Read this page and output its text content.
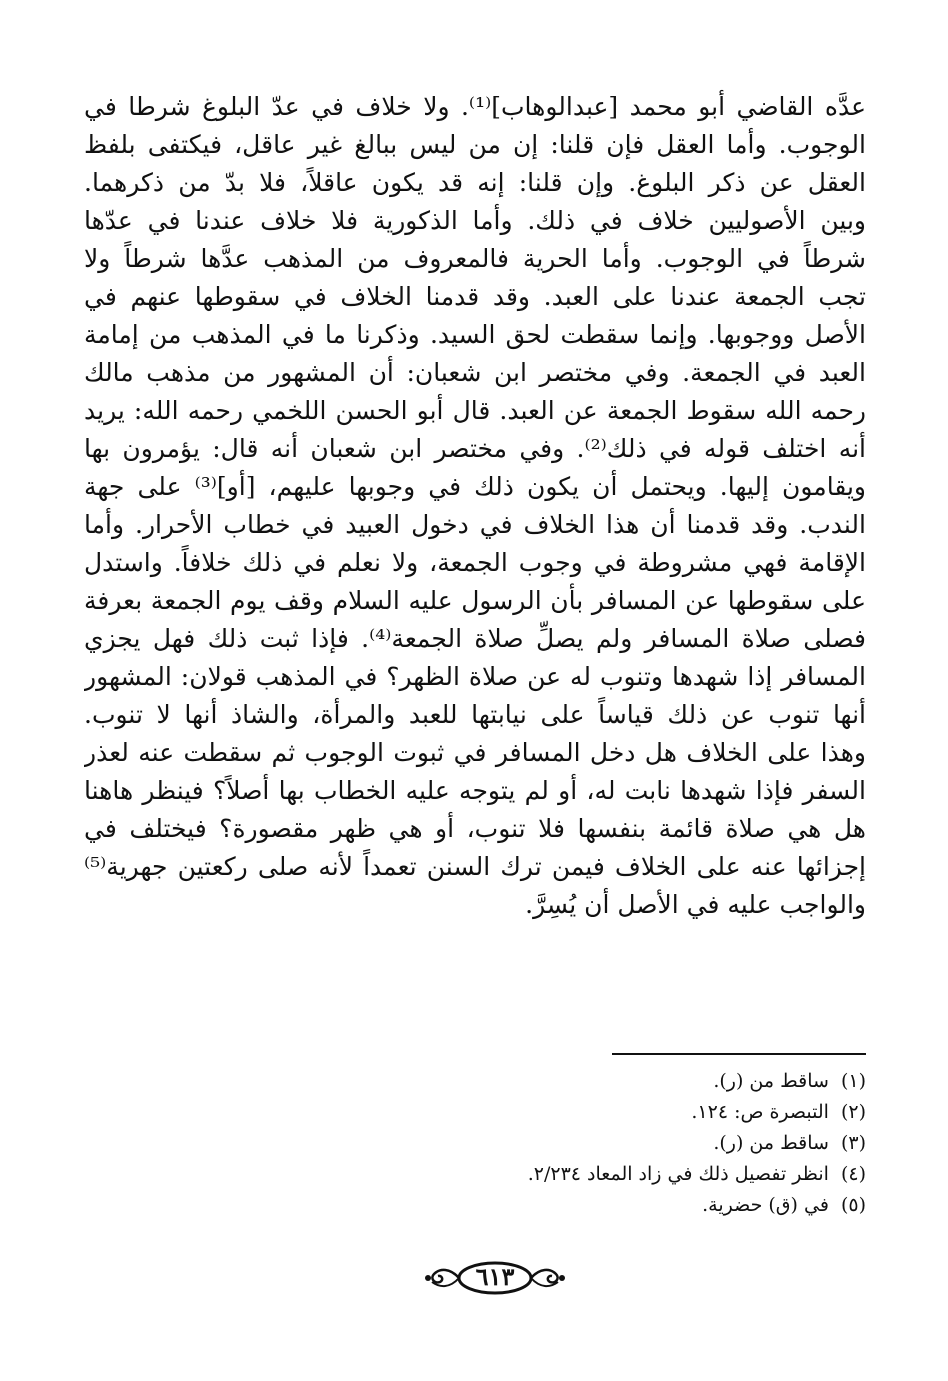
عدَّه القاضي أبو محمد [عبدالوهاب]⁽¹⁾. ولا خلاف في عدّ البلوغ شرطا في
الوجوب. وأما العقل فإن قلنا: إن من ليس ببالغ غير عاقل، فيكتفى بلفظ
العقل عن ذكر البلوغ. وإن قلنا: إنه قد يكون عاقلاً، فلا بدّ من ذكرهما.
وبين الأصوليين خلاف في ذلك. وأما الذكورية فلا خلاف عندنا في عدّها
شرطاً في الوجوب. وأما الحرية فالمعروف من المذهب عدَّها شرطاً ولا
تجب الجمعة عندنا على العبد. وقد قدمنا الخلاف في سقوطها عنهم في
الأصل ووجوبها. وإنما سقطت لحق السيد. وذكرنا ما في المذهب من إمامة
العبد في الجمعة. وفي مختصر ابن شعبان: أن المشهور من مذهب مالك
رحمه الله سقوط الجمعة عن العبد. قال أبو الحسن اللخمي رحمه الله: يريد
أنه اختلف قوله في ذلك⁽²⁾. وفي مختصر ابن شعبان أنه قال: يؤمرون بها
ويقامون إليها. ويحتمل أن يكون ذلك في وجوبها عليهم، [أو]⁽³⁾ على جهة
الندب. وقد قدمنا أن هذا الخلاف في دخول العبيد في خطاب الأحرار. وأما
الإقامة فهي مشروطة في وجوب الجمعة، ولا نعلم في ذلك خلافاً. واستدل
على سقوطها عن المسافر بأن الرسول عليه السلام وقف يوم الجمعة بعرفة
فصلى صلاة المسافر ولم يصلِّ صلاة الجمعة⁽⁴⁾. فإذا ثبت ذلك فهل يجزي
المسافر إذا شهدها وتنوب له عن صلاة الظهر؟ في المذهب قولان: المشهور
أنها تنوب عن ذلك قياساً على نيابتها للعبد والمرأة، والشاذ أنها لا تنوب.
وهذا على الخلاف هل دخل المسافر في ثبوت الوجوب ثم سقطت عنه لعذر
السفر فإذا شهدها نابت له، أو لم يتوجه عليه الخطاب بها أصلاً؟ فينظر هاهنا
هل هي صلاة قائمة بنفسها فلا تنوب، أو هي ظهر مقصورة؟ فيختلف في
إجزائها عنه على الخلاف فيمن ترك السنن تعمداً لأنه صلى ركعتين جهرية⁽⁵⁾
والواجب عليه في الأصل أن يُسِرَّ.
(١)ساقط من (ر).
(٢)التبصرة ص: ١٢٤.
(٣)ساقط من (ر).
(٤)انظر تفصيل ذلك في زاد المعاد ٢/٢٣٤.
(٥)في (ق) حضرية.
٦١٣
